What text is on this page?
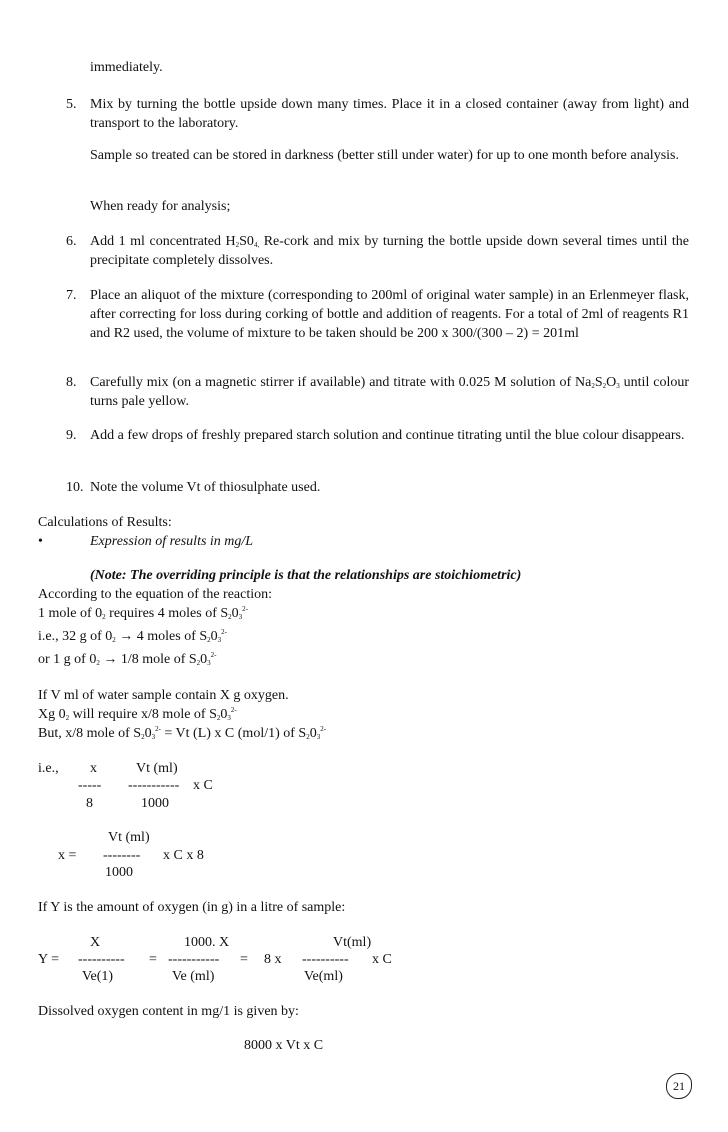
immediately.
5. Mix by turning the bottle upside down many times. Place it in a closed container (away from light) and transport to the laboratory.
Sample so treated can be stored in darkness (better still under water) for up to one month before analysis.
When ready for analysis;
6. Add 1 ml concentrated $H_2S0_{4,}$ Re-cork and mix by turning the bottle upside down several times until the precipitate completely dissolves.
7. Place an aliquot of the mixture (corresponding to 200ml of original water sample) in an Erlenmeyer flask, after correcting for loss during corking of bottle and addition of reagents. For a total of 2ml of reagents R1 and R2 used, the volume of mixture to be taken should be 200 x 300/(300 – 2) = 201ml
8. Carefully mix (on a magnetic stirrer if available) and titrate with 0.025 M solution of $Na_2S_2O_3$ until colour turns pale yellow.
9. Add a few drops of freshly prepared starch solution and continue titrating until the blue colour disappears.
10. Note the volume Vt of thiosulphate used.
Calculations of Results:
•	Expression of results in mg/L
(Note: The overriding principle is that the relationships are stoichiometric)
According to the equation of the reaction:
1 mole of $0_2$ requires 4 moles of $S_20_3^{2-}$
i.e., 32 g of $0_2 \to 4$ moles of $S_20_3^{2-}$
or 1 g of $0_2 \to 1/8$ mole of $S_20_3^{2-}$
If V ml of water sample contain X g oxygen.
Xg $0_2$ will require x/8 mole of $S_20_3^{2-}$
But, x/8 mole of $S_20_3^{2-} = Vt$ (L) x C (mol/1) of $S_20_3^{2-}$
i.e., x	Vt (ml)
----- ----------- x C
8	1000
Vt (ml)
x = -------- x C x 8
1000
If Y is the amount of oxygen (in g) in a litre of sample:
X	1000. X	Vt(ml)
Y = ---------- = ----------- = 8 x ---------- x C
Ve(1)	Ve (ml)	Ve(ml)
Dissolved oxygen content in mg/1 is given by:
8000 x Vt x C
21
